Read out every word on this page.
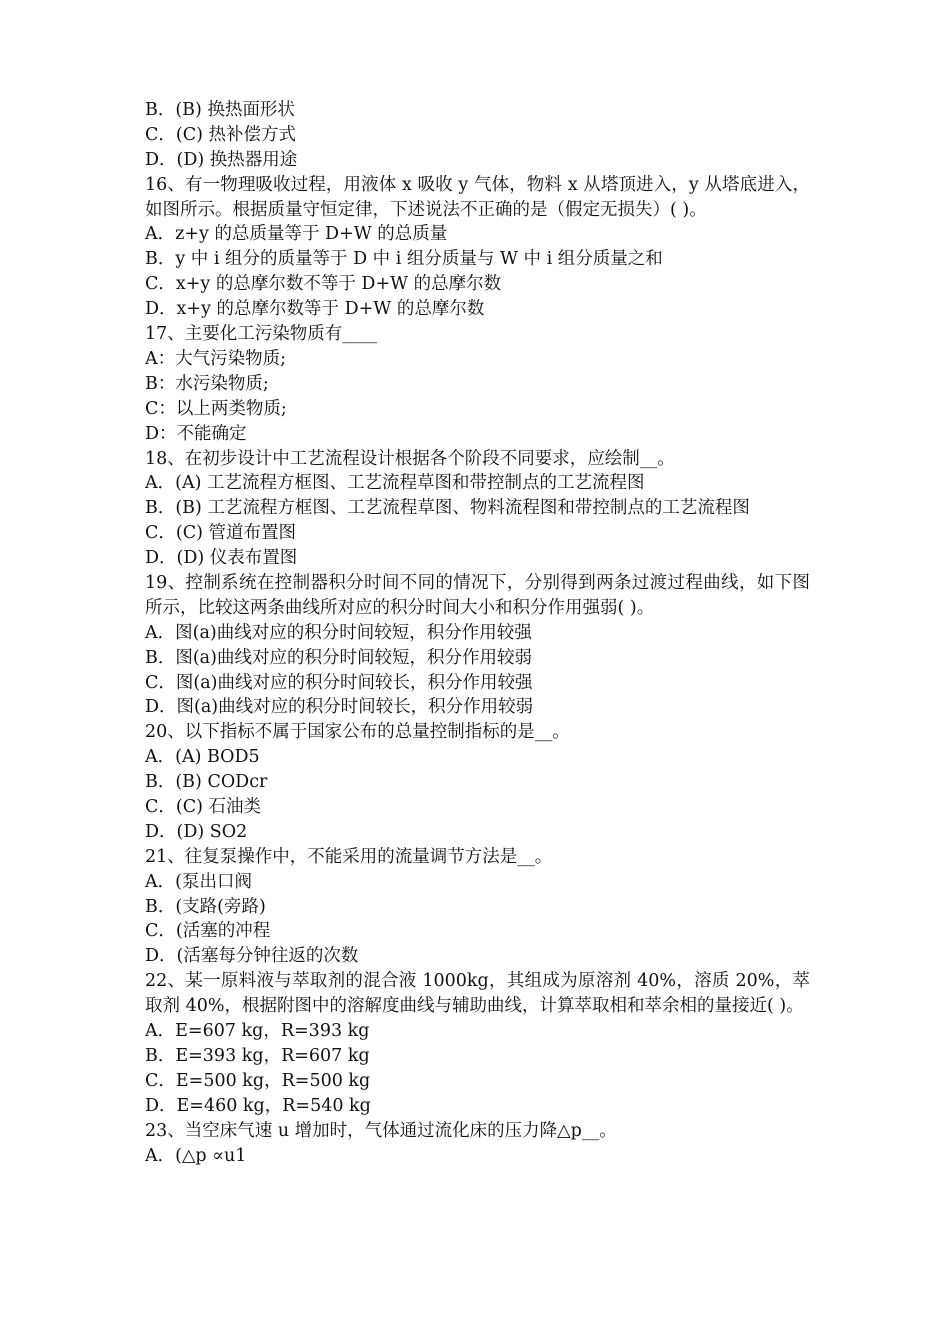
B．(B) 换热面形状
C．(C) 热补偿方式
D．(D) 换热器用途
16、有一物理吸收过程，用液体 x 吸收 y 气体，物料 x 从塔顶进入，y 从塔底进入，如图所示。根据质量守恒定律，下述说法不正确的是（假定无损失）( )。
A．z+y 的总质量等于 D+W 的总质量
B．y 中 i 组分的质量等于 D 中 i 组分质量与 W 中 i 组分质量之和
C．x+y 的总摩尔数不等于 D+W 的总摩尔数
D．x+y 的总摩尔数等于 D+W 的总摩尔数
17、主要化工污染物质有____
A：大气污染物质;
B：水污染物质;
C：以上两类物质;
D：不能确定
18、在初步设计中工艺流程设计根据各个阶段不同要求，应绘制__。
A．(A) 工艺流程方框图、工艺流程草图和带控制点的工艺流程图
B．(B) 工艺流程方框图、工艺流程草图、物料流程图和带控制点的工艺流程图
C．(C) 管道布置图
D．(D) 仪表布置图
19、控制系统在控制器积分时间不同的情况下，分别得到两条过渡过程曲线，如下图所示，比较这两条曲线所对应的积分时间大小和积分作用强弱( )。
A．图(a)曲线对应的积分时间较短，积分作用较强
B．图(a)曲线对应的积分时间较短，积分作用较弱
C．图(a)曲线对应的积分时间较长，积分作用较强
D．图(a)曲线对应的积分时间较长，积分作用较弱
20、以下指标不属于国家公布的总量控制指标的是__。
A．(A) BOD5
B．(B) CODcr
C．(C) 石油类
D．(D) SO2
21、往复泵操作中，不能采用的流量调节方法是__。
A．(泵出口阀
B．(支路(旁路)
C．(活塞的冲程
D．(活塞每分钟往返的次数
22、某一原料液与萃取剂的混合液 1000kg，其组成为原溶剂 40%，溶质 20%，萃取剂 40%，根据附图中的溶解度曲线与辅助曲线，计算萃取相和萃余相的量接近( )。
A．E=607 kg，R=393 kg
B．E=393 kg，R=607 kg
C．E=500 kg，R=500 kg
D．E=460 kg，R=540 kg
23、当空床气速 u 增加时，气体通过流化床的压力降△p__。
A．(△p ∝u1
